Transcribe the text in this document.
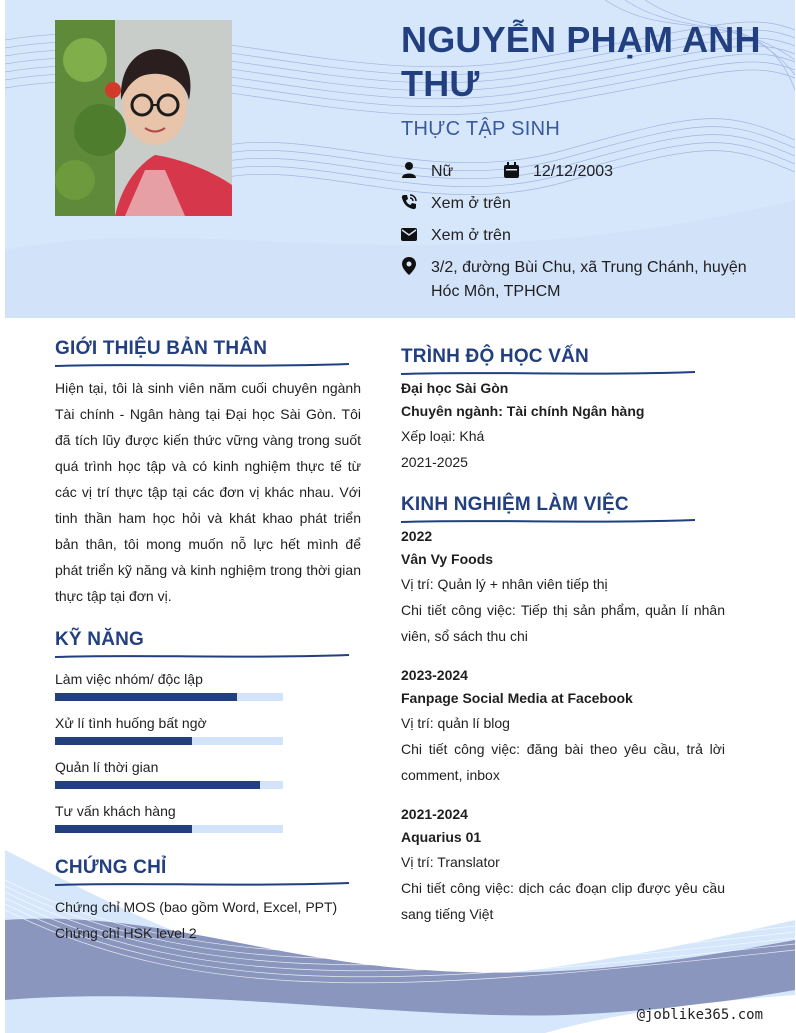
NGUYỄN PHẠM ANH THƯ
THỰC TẬP SINH
Nữ	12/12/2003
Xem ở trên
Xem ở trên
3/2, đường Bùi Chu, xã Trung Chánh, huyện Hóc Môn, TPHCM
GIỚI THIỆU BẢN THÂN
Hiện tại, tôi là sinh viên năm cuối chuyên ngành Tài chính - Ngân hàng tại Đại học Sài Gòn. Tôi đã tích lũy được kiến thức vững vàng trong suốt quá trình học tập và có kinh nghiệm thực tế từ các vị trí thực tập tại các đơn vị khác nhau. Với tinh thần ham học hỏi và khát khao phát triển bản thân, tôi mong muốn nỗ lực hết mình để phát triển kỹ năng và kinh nghiệm trong thời gian thực tập tại đơn vị.
KỸ NĂNG
Làm việc nhóm/ độc lập
Xử lí tình huống bất ngờ
Quản lí thời gian
Tư vấn khách hàng
CHỨNG CHỈ
Chứng chỉ MOS (bao gồm Word, Excel, PPT)
Chứng chỉ HSK level 2
TRÌNH ĐỘ HỌC VẤN
Đại học Sài Gòn
Chuyên ngành: Tài chính Ngân hàng
Xếp loại: Khá
2021-2025
KINH NGHIỆM LÀM VIỆC
2022
Vân Vy Foods
Vị trí: Quản lý + nhân viên tiếp thị
Chi tiết công việc: Tiếp thị sản phẩm, quản lí nhân viên, sổ sách thu chi
2023-2024
Fanpage Social Media at Facebook
Vị trí: quản lí blog
Chi tiết công việc: đăng bài theo yêu cầu, trả lời comment, inbox
2021-2024
Aquarius 01
Vị trí: Translator
Chi tiết công việc: dịch các đoạn clip được yêu cầu sang tiếng Việt
@joblike365.com
